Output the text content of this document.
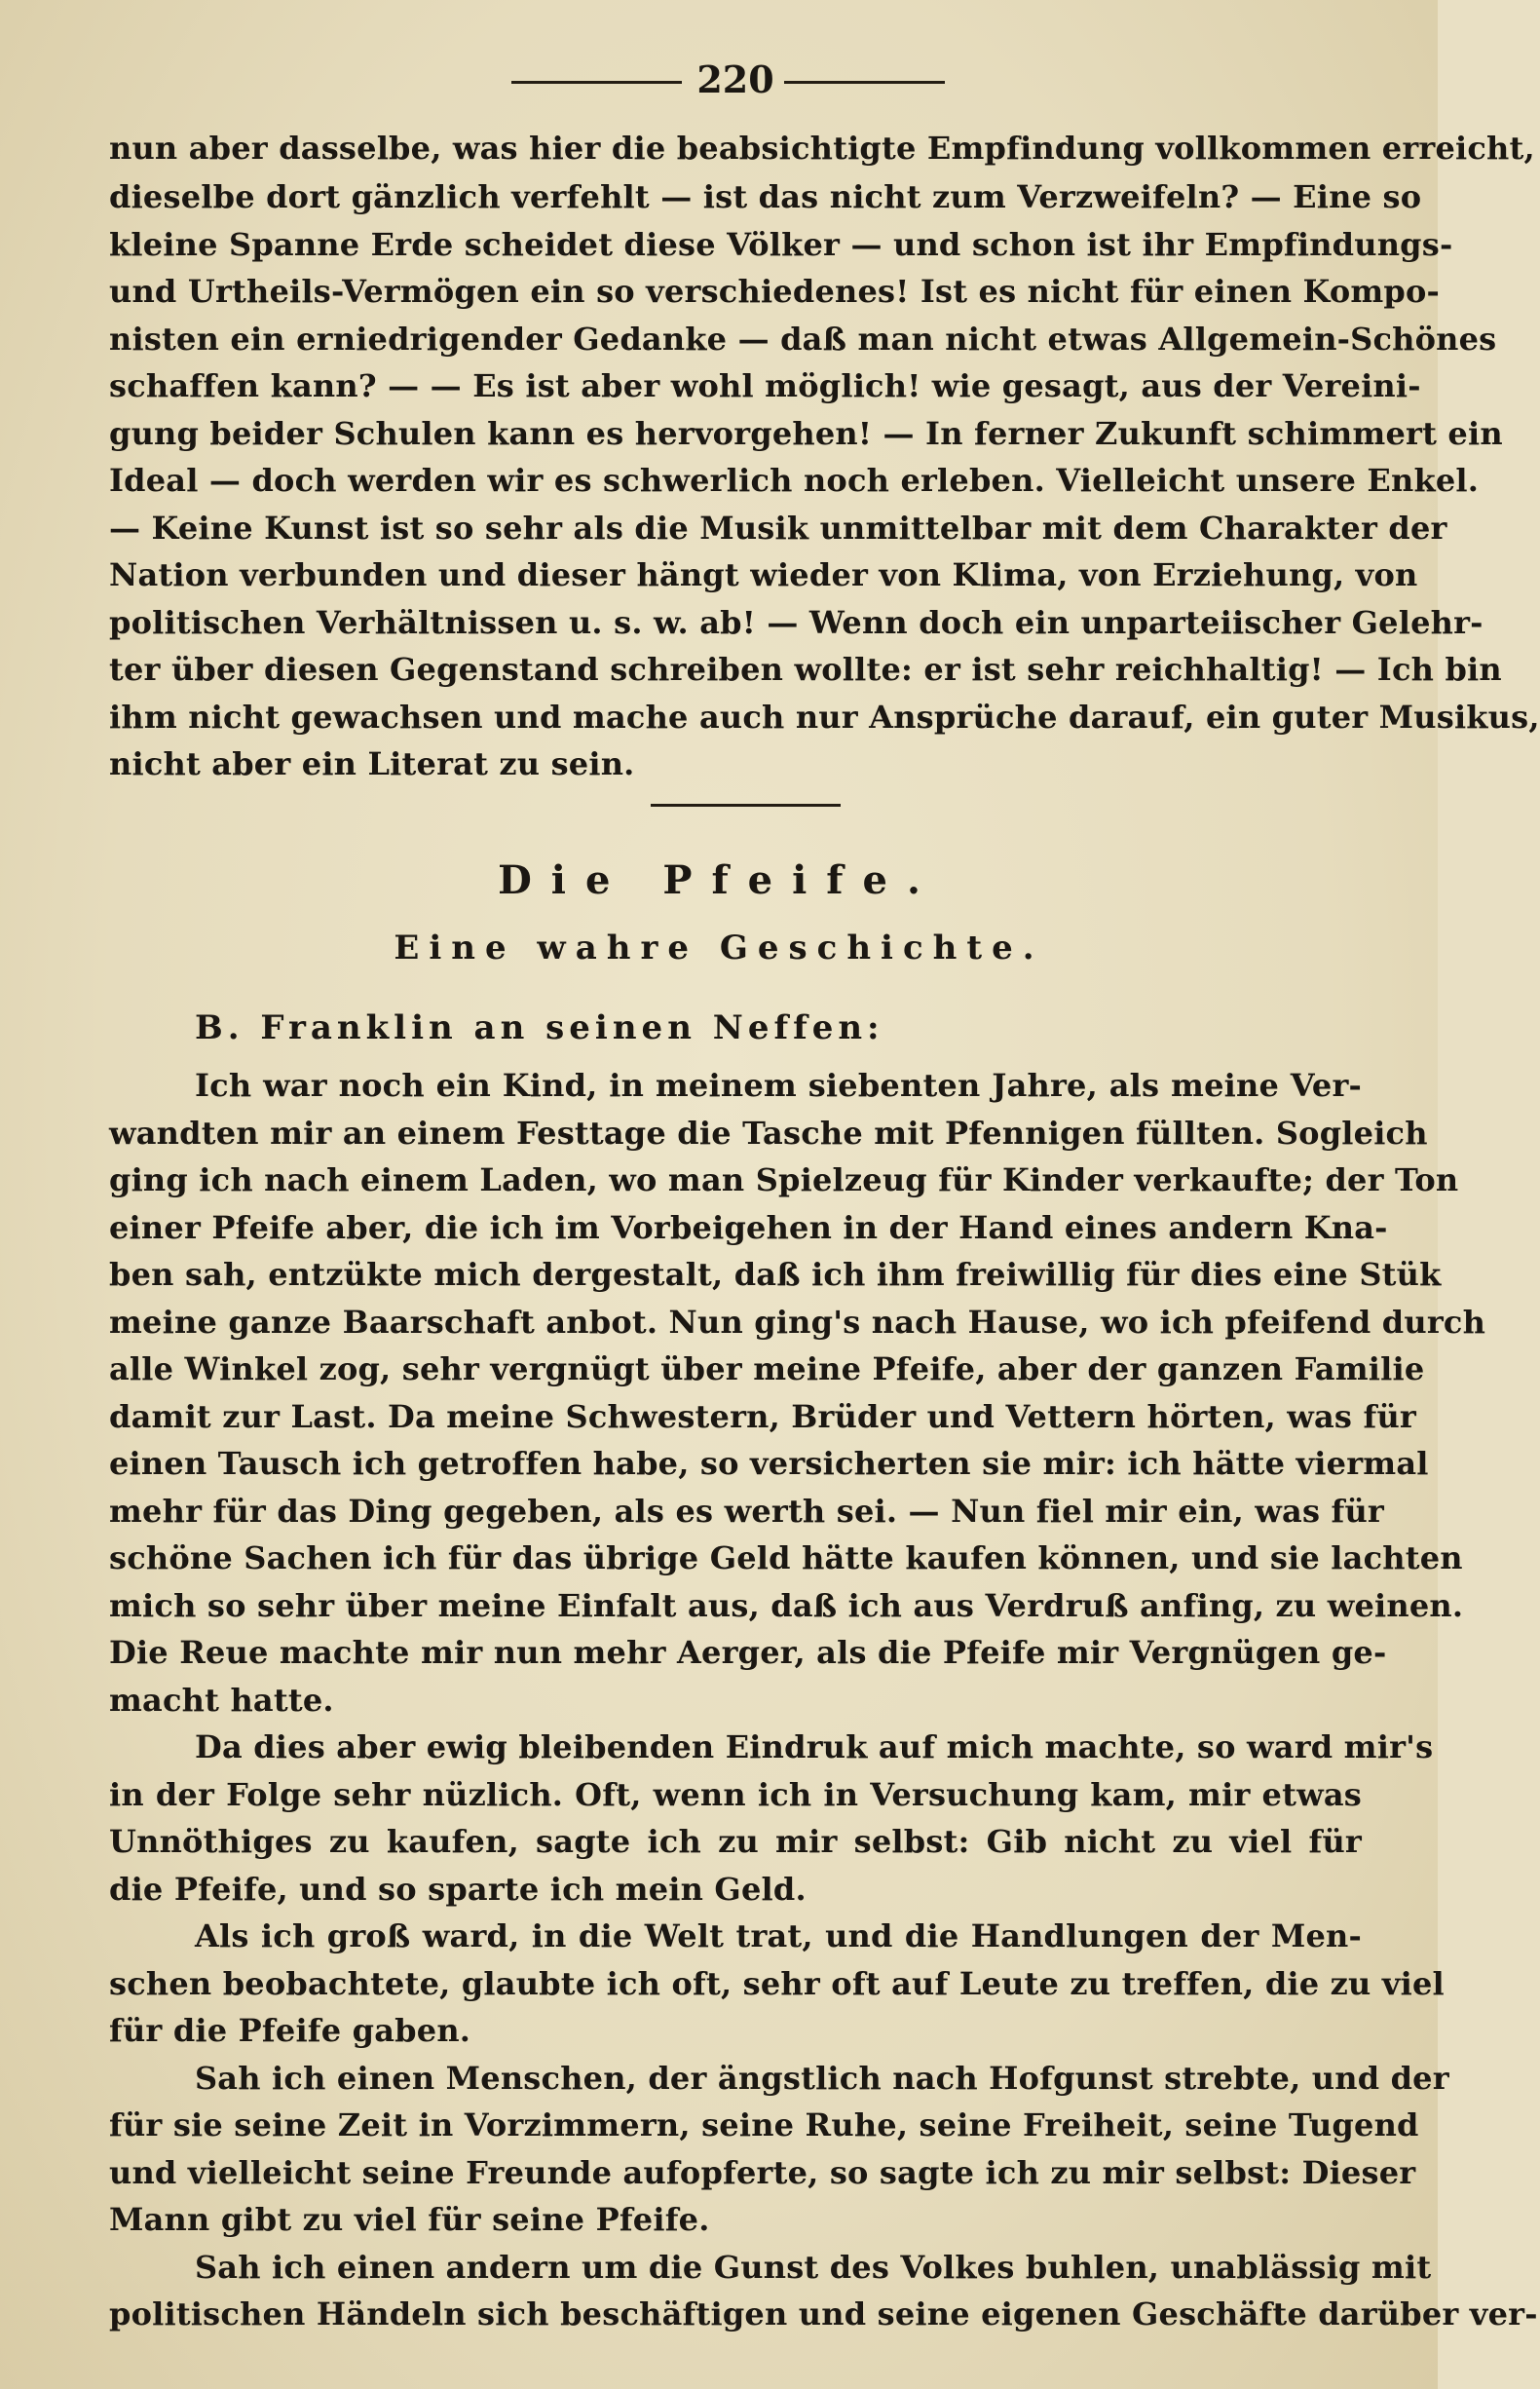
220
nun aber dasselbe, was hier die beabsichtigte Empfindung vollkommen erreicht,
dieselbe dort gänzlich verfehlt — ist das nicht zum Verzweifeln? — Eine so
kleine Spanne Erde scheidet diese Völker — und schon ist ihr Empfindungs-
und Urtheils-Vermögen ein so verschiedenes! Ist es nicht für einen Kompo-
nisten ein erniedrigender Gedanke — daß man nicht etwas Allgemein-Schönes
schaffen kann? — — Es ist aber wohl möglich! wie gesagt, aus der Vereini-
gung beider Schulen kann es hervorgehen! — In ferner Zukunft schimmert ein
Ideal — doch werden wir es schwerlich noch erleben. Vielleicht unsere Enkel.
— Keine Kunst ist so sehr als die Musik unmittelbar mit dem Charakter der
Nation verbunden und dieser hängt wieder von Klima, von Erziehung, von
politischen Verhältnissen u. s. w. ab! — Wenn doch ein unparteiischer Gelehr-
ter über diesen Gegenstand schreiben wollte: er ist sehr reichhaltig! — Ich bin
ihm nicht gewachsen und mache auch nur Ansprüche darauf, ein guter Musikus,
nicht aber ein Literat zu sein.
Die Pfeife.
Eine wahre Geschichte.
B. Franklin an seinen Neffen:
Ich war noch ein Kind, in meinem siebenten Jahre, als meine Ver-
wandten mir an einem Festtage die Tasche mit Pfennigen füllten. Sogleich
ging ich nach einem Laden, wo man Spielzeug für Kinder verkaufte; der Ton
einer Pfeife aber, die ich im Vorbeigehen in der Hand eines andern Kna-
ben sah, entzükte mich dergestalt, daß ich ihm freiwillig für dies eine Stük
meine ganze Baarschaft anbot. Nun ging's nach Hause, wo ich pfeifend durch
alle Winkel zog, sehr vergnügt über meine Pfeife, aber der ganzen Familie
damit zur Last. Da meine Schwestern, Brüder und Vettern hörten, was für
einen Tausch ich getroffen habe, so versicherten sie mir: ich hätte viermal
mehr für das Ding gegeben, als es werth sei. — Nun fiel mir ein, was für
schöne Sachen ich für das übrige Geld hätte kaufen können, und sie lachten
mich so sehr über meine Einfalt aus, daß ich aus Verdruß anfing, zu weinen.
Die Reue machte mir nun mehr Aerger, als die Pfeife mir Vergnügen ge-
macht hatte.
Da dies aber ewig bleibenden Eindruk auf mich machte, so ward mir's
in der Folge sehr nüzlich. Oft, wenn ich in Versuchung kam, mir etwas
Unnöthiges zu kaufen, sagte ich zu mir selbst: Gib nicht zu viel für
die Pfeife, und so sparte ich mein Geld.
Als ich groß ward, in die Welt trat, und die Handlungen der Men-
schen beobachtete, glaubte ich oft, sehr oft auf Leute zu treffen, die zu viel
für die Pfeife gaben.
Sah ich einen Menschen, der ängstlich nach Hofgunst strebte, und der
für sie seine Zeit in Vorzimmern, seine Ruhe, seine Freiheit, seine Tugend
und vielleicht seine Freunde aufopferte, so sagte ich zu mir selbst: Dieser
Mann gibt zu viel für seine Pfeife.
Sah ich einen andern um die Gunst des Volkes buhlen, unablässig mit
politischen Händeln sich beschäftigen und seine eigenen Geschäfte darüber ver-
